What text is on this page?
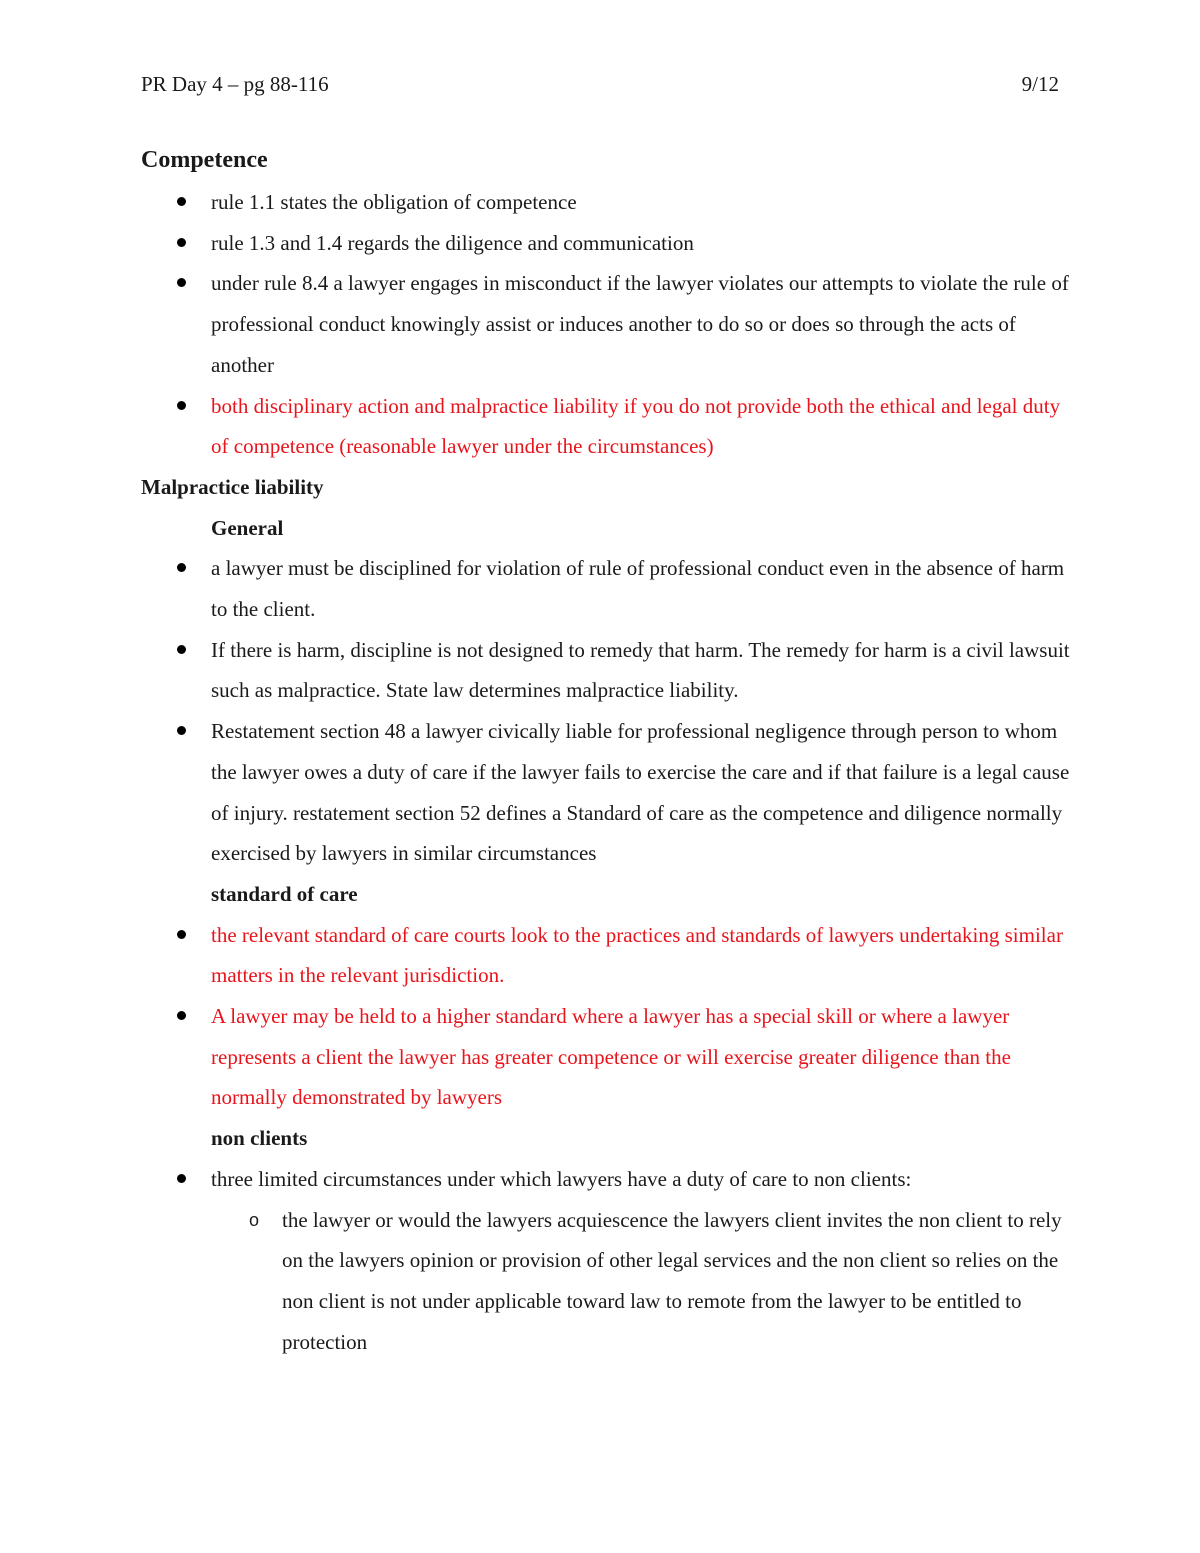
PR Day 4 – pg 88-116	9/12
Competence
rule 1.1 states the obligation of competence
rule 1.3 and 1.4 regards the diligence and communication
under rule 8.4 a lawyer engages in misconduct if the lawyer violates our attempts to violate the rule of professional conduct knowingly assist or induces another to do so or does so through the acts of another
both disciplinary action and malpractice liability if you do not provide both the ethical and legal duty of competence (reasonable lawyer under the circumstances)
Malpractice liability
General
a lawyer must be disciplined for violation of rule of professional conduct even in the absence of harm to the client.
If there is harm, discipline is not designed to remedy that harm. The remedy for harm is a civil lawsuit such as malpractice. State law determines malpractice liability.
Restatement section 48 a lawyer civically liable for professional negligence through person to whom the lawyer owes a duty of care if the lawyer fails to exercise the care and if that failure is a legal cause of injury. restatement section 52 defines a Standard of care as the competence and diligence normally exercised by lawyers in similar circumstances
standard of care
the relevant standard of care courts look to the practices and standards of lawyers undertaking similar matters in the relevant jurisdiction.
A lawyer may be held to a higher standard where a lawyer has a special skill or where a lawyer represents a client the lawyer has greater competence or will exercise greater diligence than the normally demonstrated by lawyers
non clients
three limited circumstances under which lawyers have a duty of care to non clients:
o the lawyer or would the lawyers acquiescence the lawyers client invites the non client to rely on the lawyers opinion or provision of other legal services and the non client so relies on the non client is not under applicable toward law to remote from the lawyer to be entitled to protection
